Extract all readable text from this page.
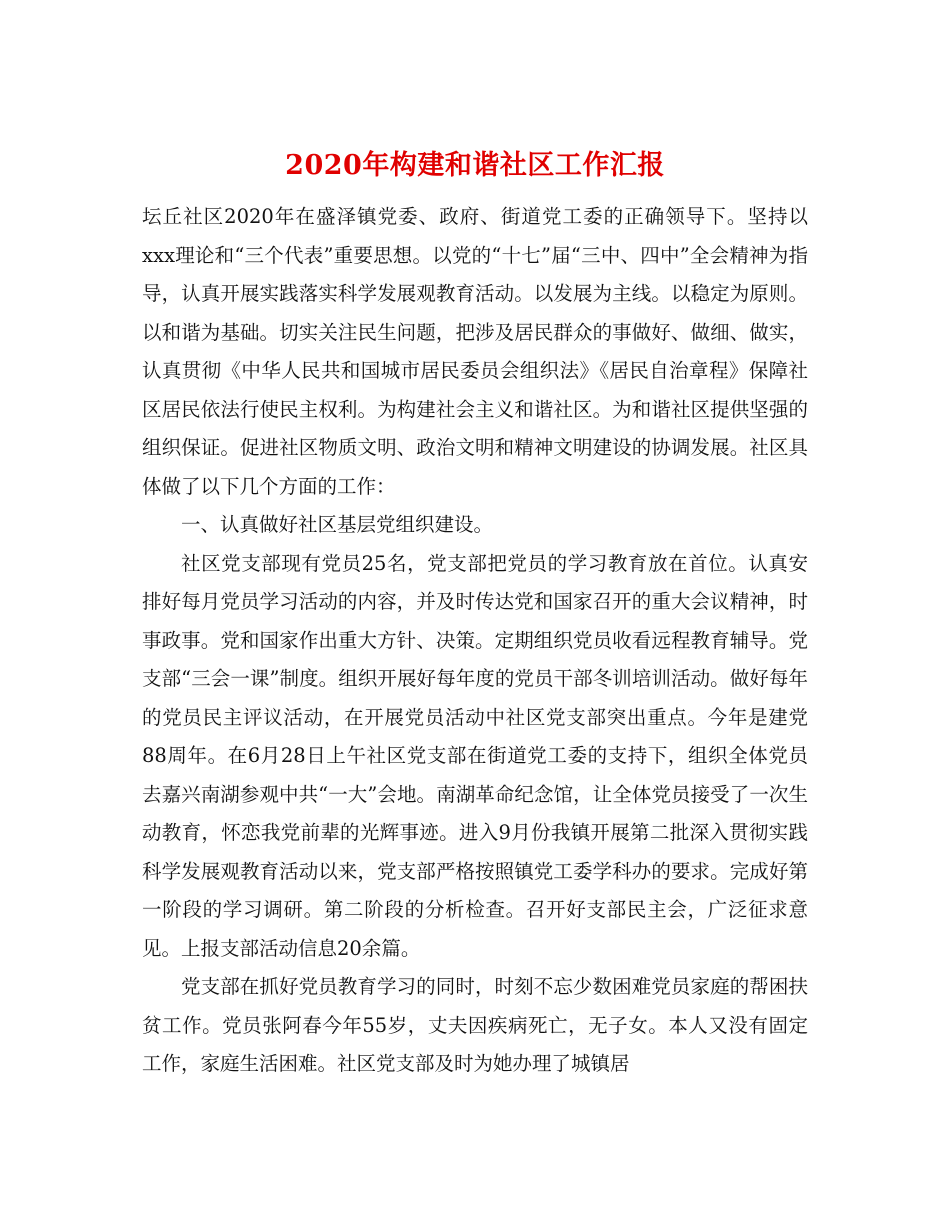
2020年构建和谐社区工作汇报

坛丘社区2020年在盛泽镇党委、政府、街道党工委的正确领导下。坚持以xxx理论和“三个代表”重要思想。以党的“十七”届“三中、四中”全会精神为指导，认真开展实践落实科学发展观教育活动。以发展为主线。以稳定为原则。以和谐为基础。切实关注民生问题，把涉及居民群众的事做好、做细、做实，认真贯彻《中华人民共和国城市居民委员会组织法》《居民自治章程》保障社区居民依法行使民主权利。为构建社会主义和谐社区。为和谐社区提供坚强的组织保证。促进社区物质文明、政治文明和精神文明建设的协调发展。社区具体做了以下几个方面的工作：

一、认真做好社区基层党组织建设。

社区党支部现有党员25名，党支部把党员的学习教育放在首位。认真安排好每月党员学习活动的内容，并及时传达党和国家召开的重大会议精神，时事政事。党和国家作出重大方针、决策。定期组织党员收看远程教育辅导。党支部“三会一课”制度。组织开展好每年度的党员干部冬训培训活动。做好每年的党员民主评议活动，在开展党员活动中社区党支部突出重点。今年是建党88周年。在6月28日上午社区党支部在街道党工委的支持下，组织全体党员去嘉兴南湖参观中共“一大”会地。南湖革命纪念馆，让全体党员接受了一次生动教育，怀恋我党前辈的光辉事迹。进入9月份我镇开展第二批深入贯彻实践科学发展观教育活动以来，党支部严格按照镇党工委学科办的要求。完成好第一阶段的学习调研。第二阶段的分析检查。召开好支部民主会，广泛征求意见。上报支部活动信息20余篇。

党支部在抓好党员教育学习的同时，时刻不忘少数困难党员家庭的帮困扶贫工作。党员张阿春今年55岁，丈夫因疾病死亡，无子女。本人又没有固定工作，家庭生活困难。社区党支部及时为她办理了城镇居
